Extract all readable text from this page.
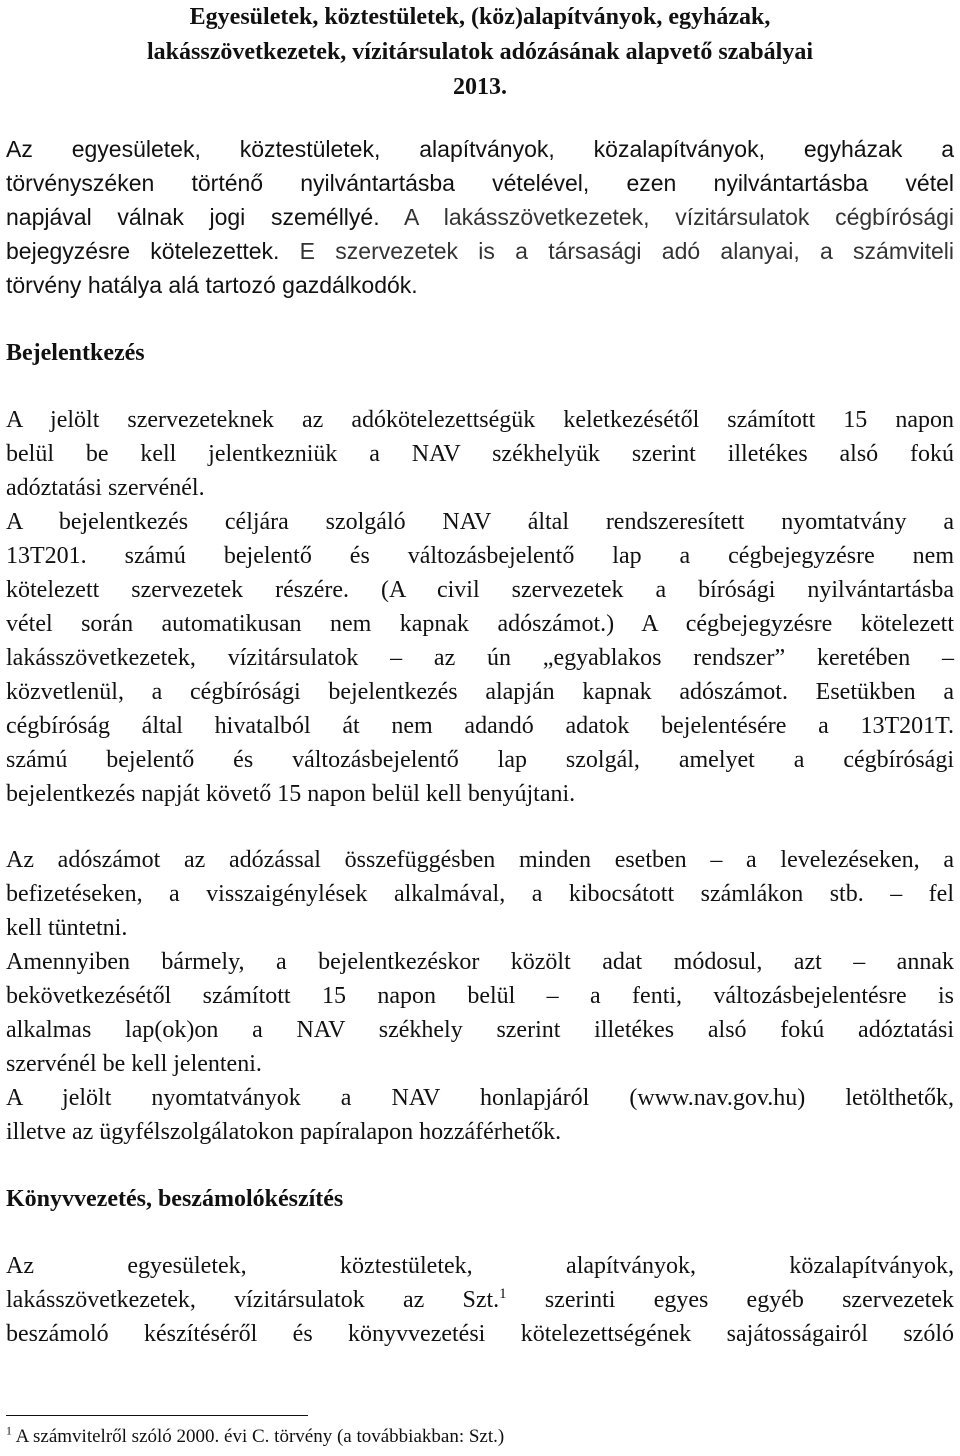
Egyesületek, köztestületek, (köz)alapítványok, egyházak,
lakásszövetkezetek, vízitársulatok adózásának alapvető szabályai
2013.
Az egyesületek, köztestületek, alapítványok, közalapítványok, egyházak a
törvényszéken történő nyilvántartásba vételével, ezen nyilvántartásba vétel
napjával válnak jogi személlyé. A lakásszövetkezetek, vízitársulatok cégbírósági
bejegyzésre kötelezettek. E szervezetek is a társasági adó alanyai, a számviteli
törvény hatálya alá tartozó gazdálkodók.
Bejelentkezés
A jelölt szervezeteknek az adókötelezettségük keletkezésétől számított 15 napon
belül be kell jelentkezniük a NAV székhelyük szerint illetékes alsó fokú
adóztatási szervénél.
A bejelentkezés céljára szolgáló NAV által rendszeresített nyomtatvány a
13T201. számú bejelentő és változásbejelentő lap a cégbejegyzésre nem
kötelezett szervezetek részére. (A civil szervezetek a bírósági nyilvántartásba
vétel során automatikusan nem kapnak adószámot.) A cégbejegyzésre kötelezett
lakásszövetkezetek, vízitársulatok – az ún „egyablakos rendszer” keretében –
közvetlenül, a cégbírósági bejelentkezés alapján kapnak adószámot. Esetükben a
cégbíróság által hivatalból át nem adandó adatok bejelentésére a 13T201T.
számú bejelentő és változásbejelentő lap szolgál, amelyet a cégbírósági
bejelentkezés napját követő 15 napon belül kell benyújtani.
Az adószámot az adózással összefüggésben minden esetben – a levelezéseken, a
befizetéseken, a visszaigénylések alkalmával, a kibocsátott számlákon stb. – fel
kell tüntetni.
Amennyiben bármely, a bejelentkezéskor közölt adat módosul, azt – annak
bekövetkezésétől számított 15 napon belül – a fenti, változásbejelentésre is
alkalmas lap(ok)on a NAV székhely szerint illetékes alsó fokú adóztatási
szervénél be kell jelenteni.
A jelölt nyomtatványok a NAV honlapjáról (www.nav.gov.hu) letölthetők,
illetve az ügyfélszolgálatokon papíralapon hozzáférhetők.
Könyvvezetés, beszámolókészítés
Az egyesületek, köztestületek, alapítványok, közalapítványok,
lakásszövetkezetek, vízitársulatok az Szt.$^1$ szerinti egyes egyéb szervezetek
beszámoló készítéséről és könyvvezetési kötelezettségének sajátosságairól szóló
$^1$ A számvitelről szóló 2000. évi C. törvény (a továbbiakban: Szt.)
